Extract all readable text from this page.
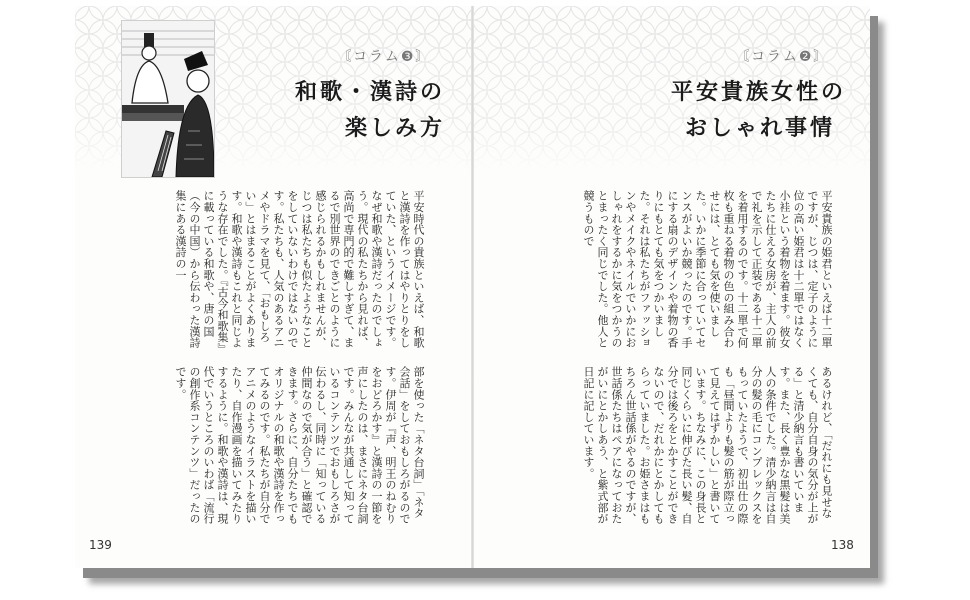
〘コラム❸〙
和歌・漢詩の
楽しみ方
平安時代の貴族といえば、和歌と漢詩を作ってはやりとりをしていた、というイメージです。なぜ和歌や漢詩だったのでしょう。現代の私たちから見れば、高尚で専門的で難しすぎて、まるで別世界のできごとのように感じられるかもしれませんが、じつは私たちも似たようなことをしていないわけではないのです。私たちも、人気のあるアニメやドラマを見て、「おもしろい」とはまることがよくあります。和歌や漢詩もこれと同じような存在でした。『古今和歌集』に載っている和歌や、唐の国（今の中国）から伝わった漢詩集にある漢詩の一
部を使った「ネタ台詞」「ネタ会話」をしておもしろがるのです。伊周が『声、明王のねむりをおどろかす』と漢詩の一節を声にしたのは、まさにネタ台詞です。みんなが共通して知っているコンテンツでおもしろさが伝わるし、同時に「知っている仲間なので気が合う」と確認できます。さらに、自分たちでもオリジナルの和歌や漢詩を作ってみるのです。私たちが自分でアニメのようなイラストを描いたり、自作漫画を描いてみたりするように。和歌や漢詩は、現代でいうところのいわば「流行の創作系コンテンツ」だったのです。
139
〘コラム❷〙
平安貴族女性の
おしゃれ事情
平安貴族の姫君といえば十二單ですが、じつは、定子のように位の高い姫君は十二單ではなく小袿という着物を着ます。彼女たちに仕える女房が、主人の前で礼を示して正装である十二單を着用するのです。十二單で何枚も重ねる着物の色の組み合わせには、とても気を使いました。いかに季節に合っていてセンスがよいか競ったのです。手にする扇のデザインや着物の香りにもとても気をつかいました。それは私たちがファッションやメイクやネイルでいかにおしゃれをするかに気をつかうのとまったく同じでした。他人と競うもので
あるけれど、「だれにも見せなくても、自分自身の気分が上がる」と清少納言も書いています。また、長く豊かな黒髪は美人の条件でした。清少納言は自分の髪の毛にコンプレックスをもっていたようで、初出仕の際も「昼間よりも髪の筋が際立って見えてはずかしい」と書いています。ちなみに、この身長と同じくらいに伸びた長い髪、自分では後ろをとかすことができないので、だれかにとかしてもらっていました。お姫さまはもちろん世話係がやるのですが、世話係たちはペアになっておたがいにとかしあう、と紫式部が日記に記しています。
138
